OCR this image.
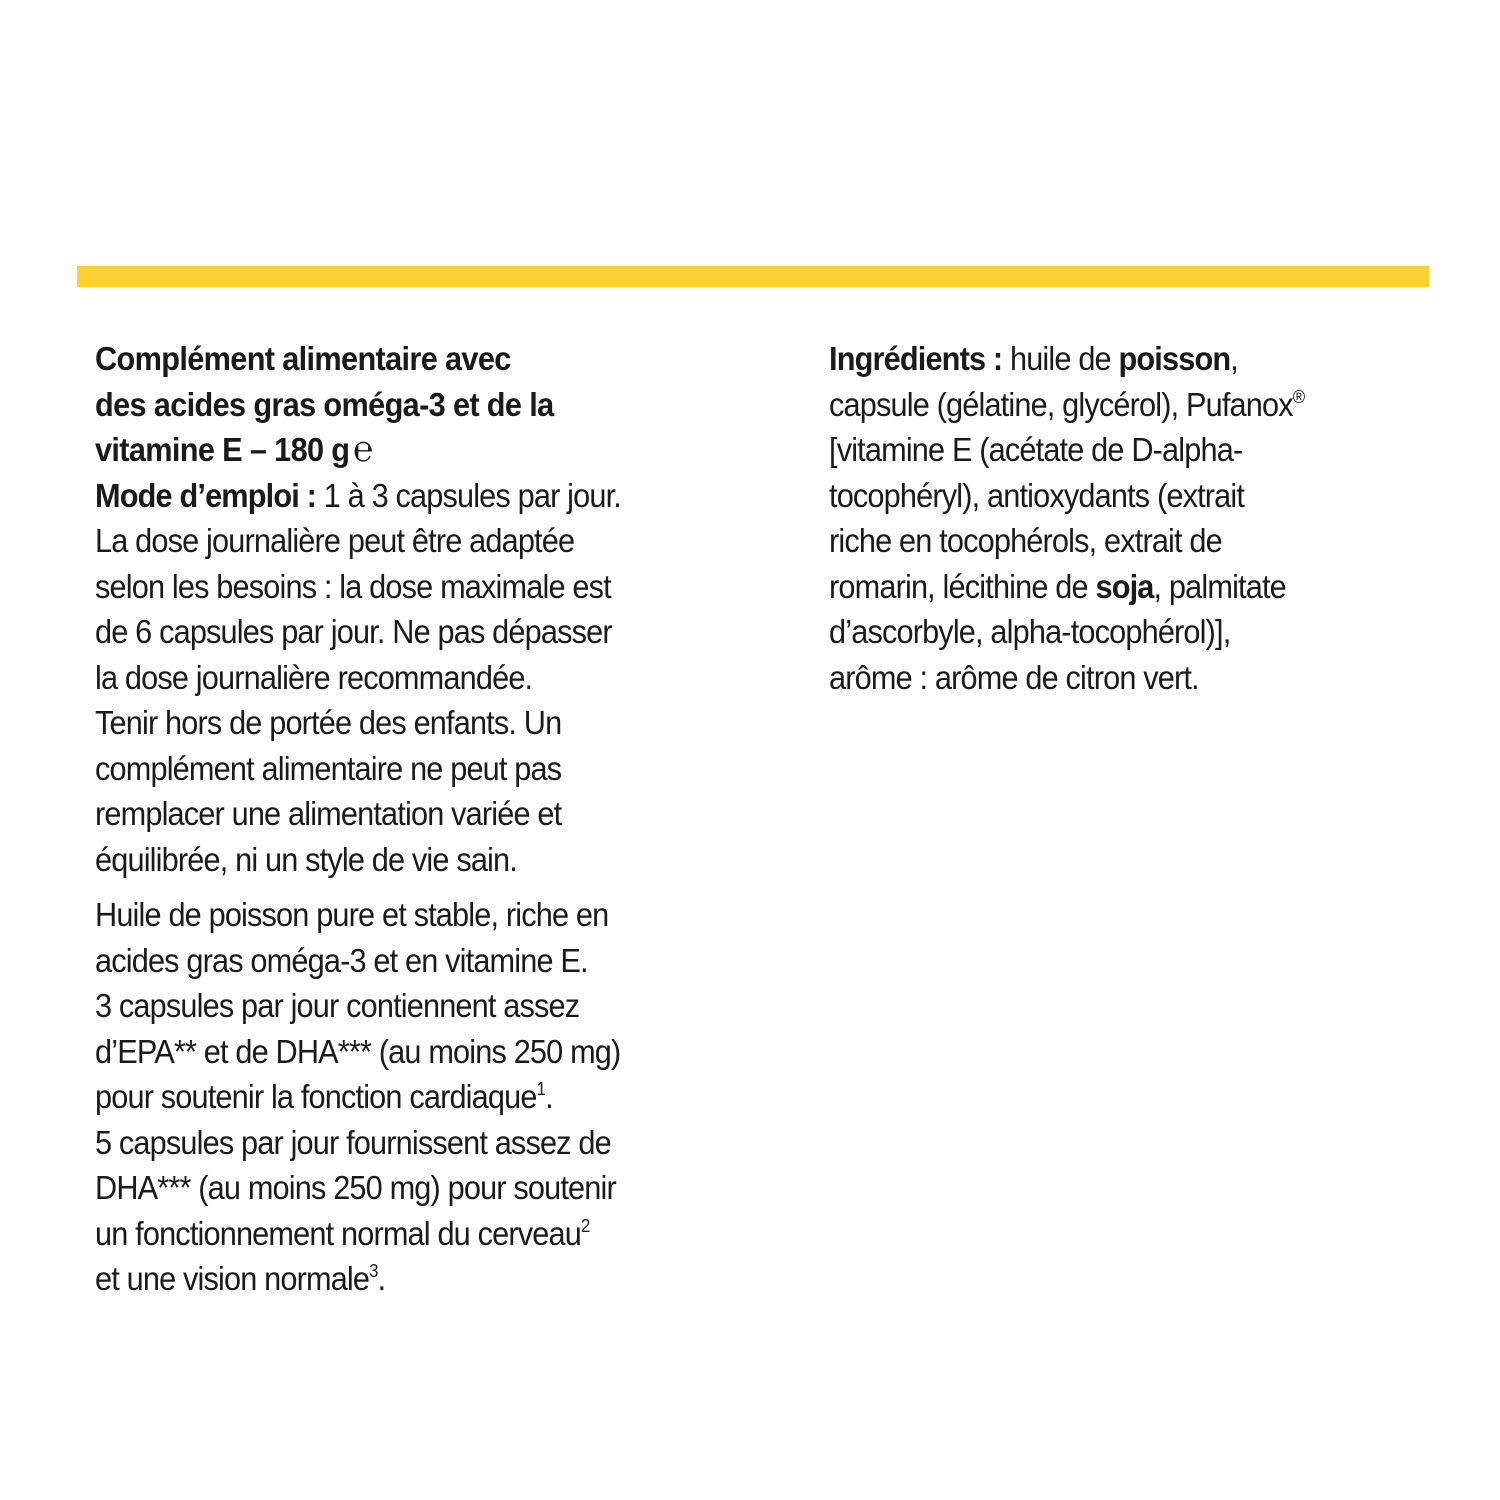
Complément alimentaire avec
des acides gras oméga-3 et de la
vitamine E – 180 g ℮

Mode d’emploi : 1 à 3 capsules par jour.
La dose journalière peut être adaptée
selon les besoins : la dose maximale est
de 6 capsules par jour. Ne pas dépasser
la dose journalière recommandée.
Tenir hors de portée des enfants. Un
complément alimentaire ne peut pas
remplacer une alimentation variée et
équilibrée, ni un style de vie sain.

Huile de poisson pure et stable, riche en
acides gras oméga-3 et en vitamine E.
3 capsules par jour contiennent assez
d’EPA** et de DHA*** (au moins 250 mg)
pour soutenir la fonction cardiaque$^1$.
5 capsules par jour fournissent assez de
DHA*** (au moins 250 mg) pour soutenir
un fonctionnement normal du cerveau$^2$
et une vision normale$^3$.

Ingrédients : huile de poisson,
capsule (gélatine, glycérol), Pufanox®
[vitamine E (acétate de D-alpha-
tocophéryl), antioxydants (extrait
riche en tocophérols, extrait de
romarin, lécithine de soja, palmitate
d’ascorbyle, alpha-tocophérol)],
arôme : arôme de citron vert.
